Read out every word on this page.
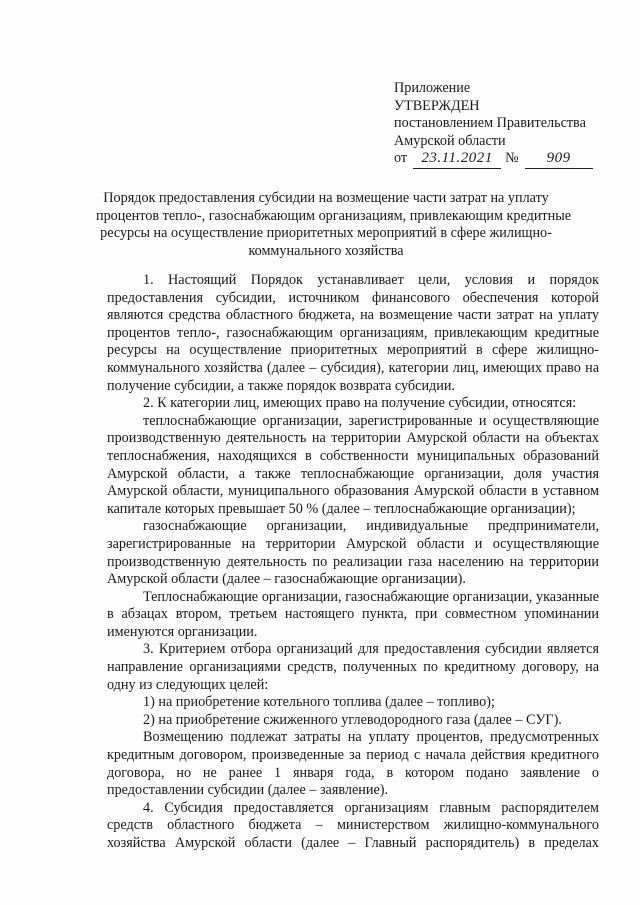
Приложение
УТВЕРЖДЕН
постановлением Правительства
Амурской области
от 23.11.2021 № 909
Порядок предоставления субсидии на возмещение части затрат на уплату
процентов тепло-, газоснабжающим организациям, привлекающим кредитные
ресурсы на осуществление приоритетных мероприятий в сфере жилищно-
коммунального хозяйства

1. Настоящий Порядок устанавливает цели, условия и порядок предоставления субсидии, источником финансового обеспечения которой являются средства областного бюджета, на возмещение части затрат на уплату процентов тепло-, газоснабжающим организациям, привлекающим кредитные ресурсы на осуществление приоритетных мероприятий в сфере жилищно-коммунального хозяйства (далее – субсидия), категории лиц, имеющих право на получение субсидии, а также порядок возврата субсидии.

2. К категории лиц, имеющих право на получение субсидии, относятся:

теплоснабжающие организации, зарегистрированные и осуществляющие производственную деятельность на территории Амурской области на объектах теплоснабжения, находящихся в собственности муниципальных образований Амурской области, а также теплоснабжающие организации, доля участия Амурской области, муниципального образования Амурской области в уставном капитале которых превышает 50 % (далее – теплоснабжающие организации);

газоснабжающие организации, индивидуальные предприниматели, зарегистрированные на территории Амурской области и осуществляющие производственную деятельность по реализации газа населению на территории Амурской области (далее – газоснабжающие организации).

Теплоснабжающие организации, газоснабжающие организации, указанные в абзацах втором, третьем настоящего пункта, при совместном упоминании именуются организации.

3. Критерием отбора организаций для предоставления субсидии является направление организациями средств, полученных по кредитному договору, на одну из следующих целей:

1) на приобретение котельного топлива (далее – топливо);

2) на приобретение сжиженного углеводородного газа (далее – СУГ).

Возмещению подлежат затраты на уплату процентов, предусмотренных кредитным договором, произведенные за период с начала действия кредитного договора, но не ранее 1 января года, в котором подано заявление о предоставлении субсидии (далее – заявление).

4. Субсидия предоставляется организациям главным распорядителем средств областного бюджета – министерством жилищно-коммунального хозяйства Амурской области (далее – Главный распорядитель) в пределах
